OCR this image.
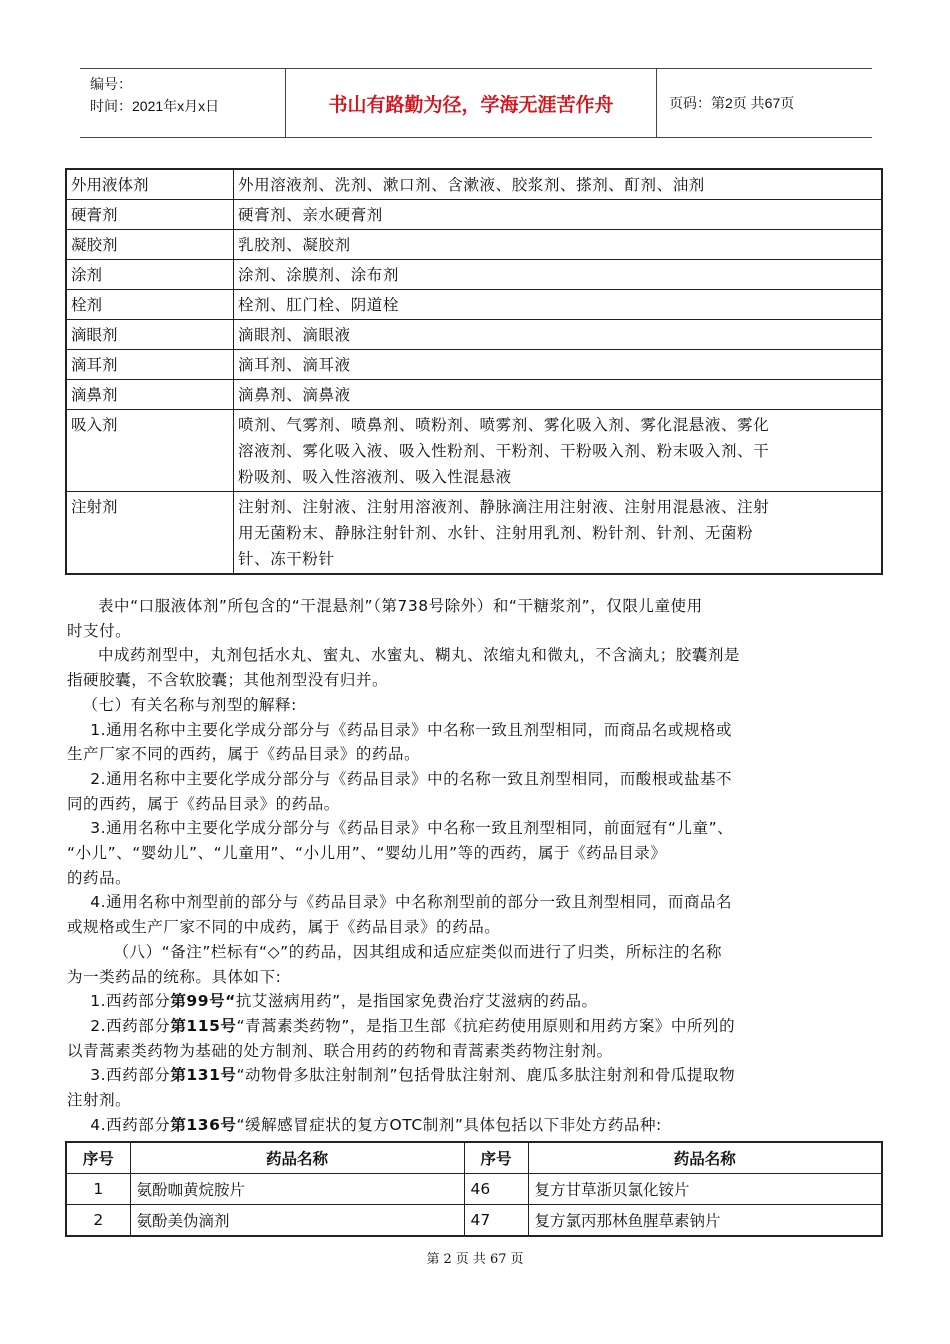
编号：
时间：2021年x月x日	书山有路勤为径，学海无涯苦作舟	页码：第2页 共67页
外用液体剂	外用溶液剂、洗剂、漱口剂、含漱液、胶浆剂、搽剂、酊剂、油剂
硬膏剂	硬膏剂、亲水硬膏剂
凝胶剂	乳胶剂、凝胶剂
涂剂	涂剂、涂膜剂、涂布剂
栓剂	栓剂、肛门栓、阴道栓
滴眼剂	滴眼剂、滴眼液
滴耳剂	滴耳剂、滴耳液
滴鼻剂	滴鼻剂、滴鼻液
吸入剂	喷剂、气雾剂、喷鼻剂、喷粉剂、喷雾剂、雾化吸入剂、雾化混悬液、雾化
溶液剂、雾化吸入液、吸入性粉剂、干粉剂、干粉吸入剂、粉末吸入剂、干
粉吸剂、吸入性溶液剂、吸入性混悬液

注射剂	注射剂、注射液、注射用溶液剂、静脉滴注用注射液、注射用混悬液、注射
用无菌粉末、静脉注射针剂、水针、注射用乳剂、粉针剂、针剂、无菌粉
针、冻干粉针

表中“口服液体剂”所包含的“干混悬剂”（第738号除外）和“干糖浆剂”，仅限儿童使用
时支付。

中成药剂型中，丸剂包括水丸、蜜丸、水蜜丸、糊丸、浓缩丸和微丸，不含滴丸；胶囊剂是
指硬胶囊，不含软胶囊；其他剂型没有归并。

（七）有关名称与剂型的解释:

1.通用名称中主要化学成分部分与《药品目录》中名称一致且剂型相同，而商品名或规格或
生产厂家不同的西药，属于《药品目录》的药品。

2.通用名称中主要化学成分部分与《药品目录》中的名称一致且剂型相同，而酸根或盐基不
同的西药，属于《药品目录》的药品。

3.通用名称中主要化学成分部分与《药品目录》中名称一致且剂型相同，前面冠有“儿童”、
“小儿”、“婴幼儿”、“儿童用”、“小儿用”、“婴幼儿用”等的西药，属于《药品目录》
的药品。

4.通用名称中剂型前的部分与《药品目录》中名称剂型前的部分一致且剂型相同，而商品名
或规格或生产厂家不同的中成药，属于《药品目录》的药品。

（八）“备注”栏标有“◇”的药品，因其组成和适应症类似而进行了归类，所标注的名称
为一类药品的统称。具体如下:

1.西药部分第99号“抗艾滋病用药”，是指国家免费治疗艾滋病的药品。

2.西药部分第115号“青蒿素类药物”，是指卫生部《抗疟药使用原则和用药方案》中所列的
以青蒿素类药物为基础的处方制剂、联合用药的药物和青蒿素类药物注射剂。

3.西药部分第131号“动物骨多肽注射制剂”包括骨肽注射剂、鹿瓜多肽注射剂和骨瓜提取物
注射剂。

4.西药部分第136号“缓解感冒症状的复方OTC制剂”具体包括以下非处方药品种:

序号	药品名称	序号	药品名称
1	氨酚咖黄烷胺片	46	复方甘草浙贝氯化铵片
2	氨酚美伪滴剂	47	复方氯丙那林鱼腥草素钠片
第 2 页 共 67 页
